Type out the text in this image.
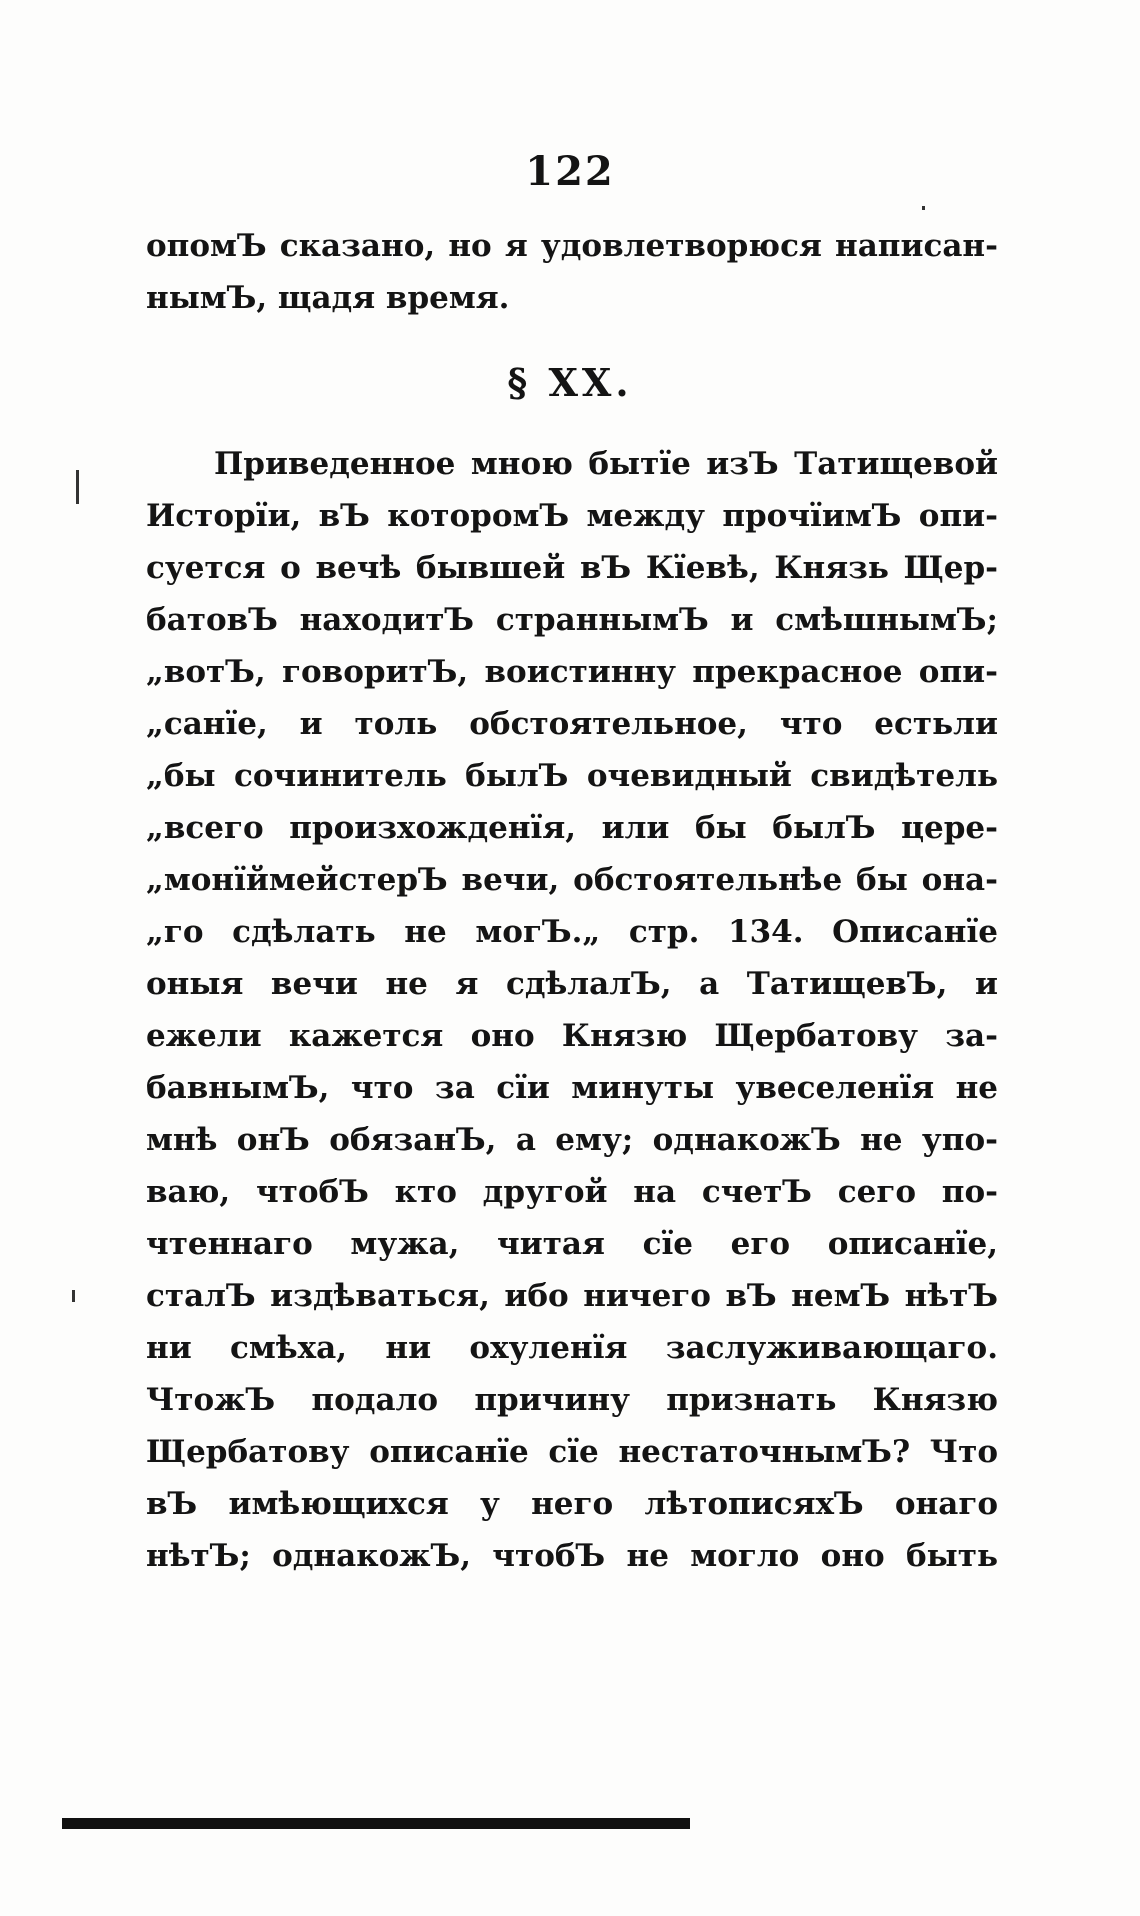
122
опомЪ сказано, но я удовлетворюся написан-
нымЪ, щадя время.
§ XX.
Приведенное мною бытїе изЪ Татищевой
Исторїи, вЪ которомЪ между прочїимЪ опи-
суется о вечѣ бывшей вЪ Кїевѣ, Князь Щер-
батовЪ находитЪ страннымЪ и смѣшнымЪ;
„вотЪ, говоритЪ, воистинну прекрасное опи-
„санїе, и толь обстоятельное, что естьли
„бы сочинитель былЪ очевидный свидѣтель
„всего произхожденїя, или бы былЪ цере-
„монїймейстерЪ вечи, обстоятельнѣе бы она-
„го сдѣлать не могЪ.„ стр. 134. Описанїе
оныя вечи не я сдѣлалЪ, а ТатищевЪ, и
ежели кажется оно Князю Щербатову за-
бавнымЪ, что за сїи минуты увеселенїя не
мнѣ онЪ обязанЪ, а ему; однакожЪ не упо-
ваю, чтобЪ кто другой на счетЪ сего по-
чтеннаго мужа, читая сїе его описанїе,
сталЪ издѣваться, ибо ничего вЪ немЪ нѣтЪ
ни смѣха, ни охуленїя заслуживающаго.
ЧтожЪ подало причину признать Князю
Щербатову описанїе сїе нестаточнымЪ? Что
вЪ имѣющихся у него лѣтописяхЪ онаго
нѣтЪ; однакожЪ, чтобЪ не могло оно быть
